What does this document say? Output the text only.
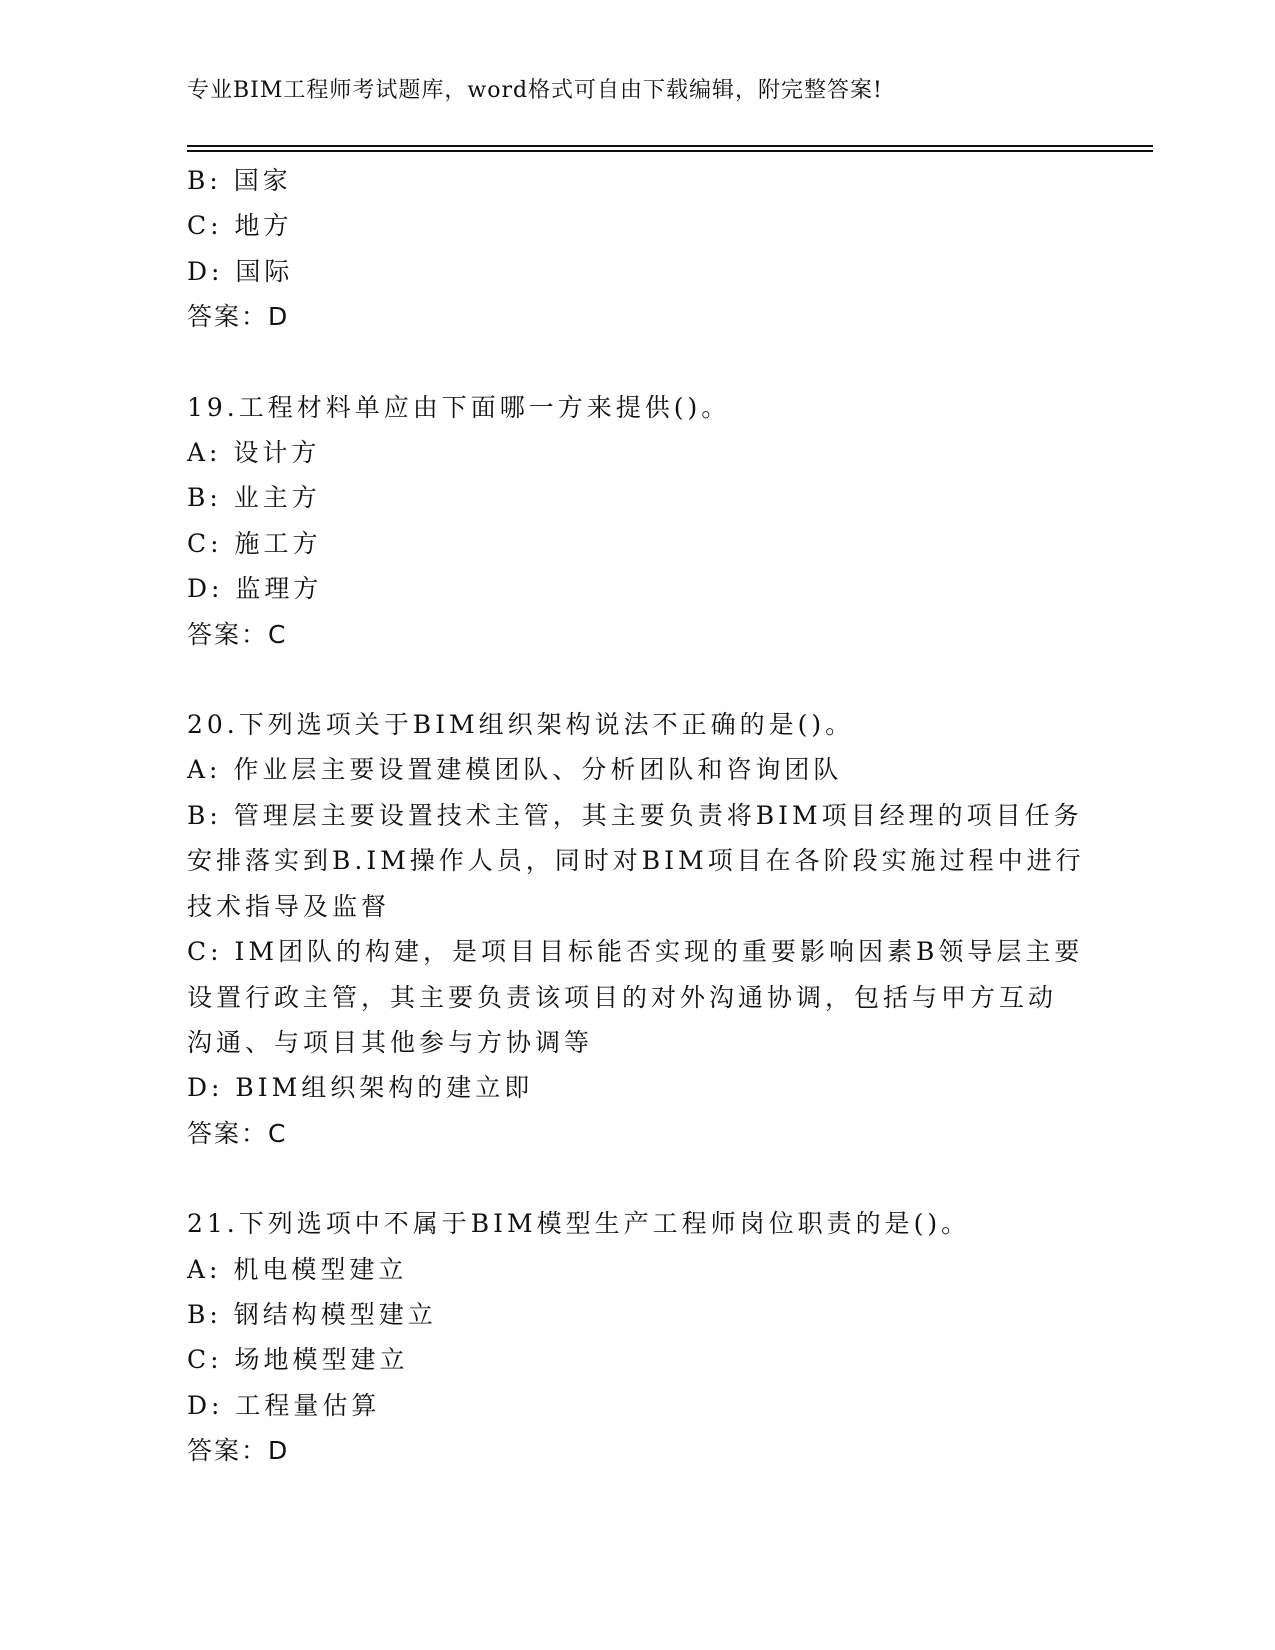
专业BIM工程师考试题库，word格式可自由下载编辑，附完整答案!
B: 国家
C: 地方
D: 国际
答案：D
19.工程材料单应由下面哪一方来提供()。
A: 设计方
B: 业主方
C: 施工方
D: 监理方
答案：C
20.下列选项关于BIM组织架构说法不正确的是()。
A: 作业层主要设置建模团队、分析团队和咨询团队
B: 管理层主要设置技术主管，其主要负责将BIM项目经理的项目任务
安排落实到B.IM操作人员，同时对BIM项目在各阶段实施过程中进行
技术指导及监督
C: IM团队的构建，是项目目标能否实现的重要影响因素B领导层主要
设置行政主管，其主要负责该项目的对外沟通协调，包括与甲方互动
沟通、与项目其他参与方协调等
D: BIM组织架构的建立即
答案：C
21.下列选项中不属于BIM模型生产工程师岗位职责的是()。
A: 机电模型建立
B: 钢结构模型建立
C: 场地模型建立
D: 工程量估算
答案：D
